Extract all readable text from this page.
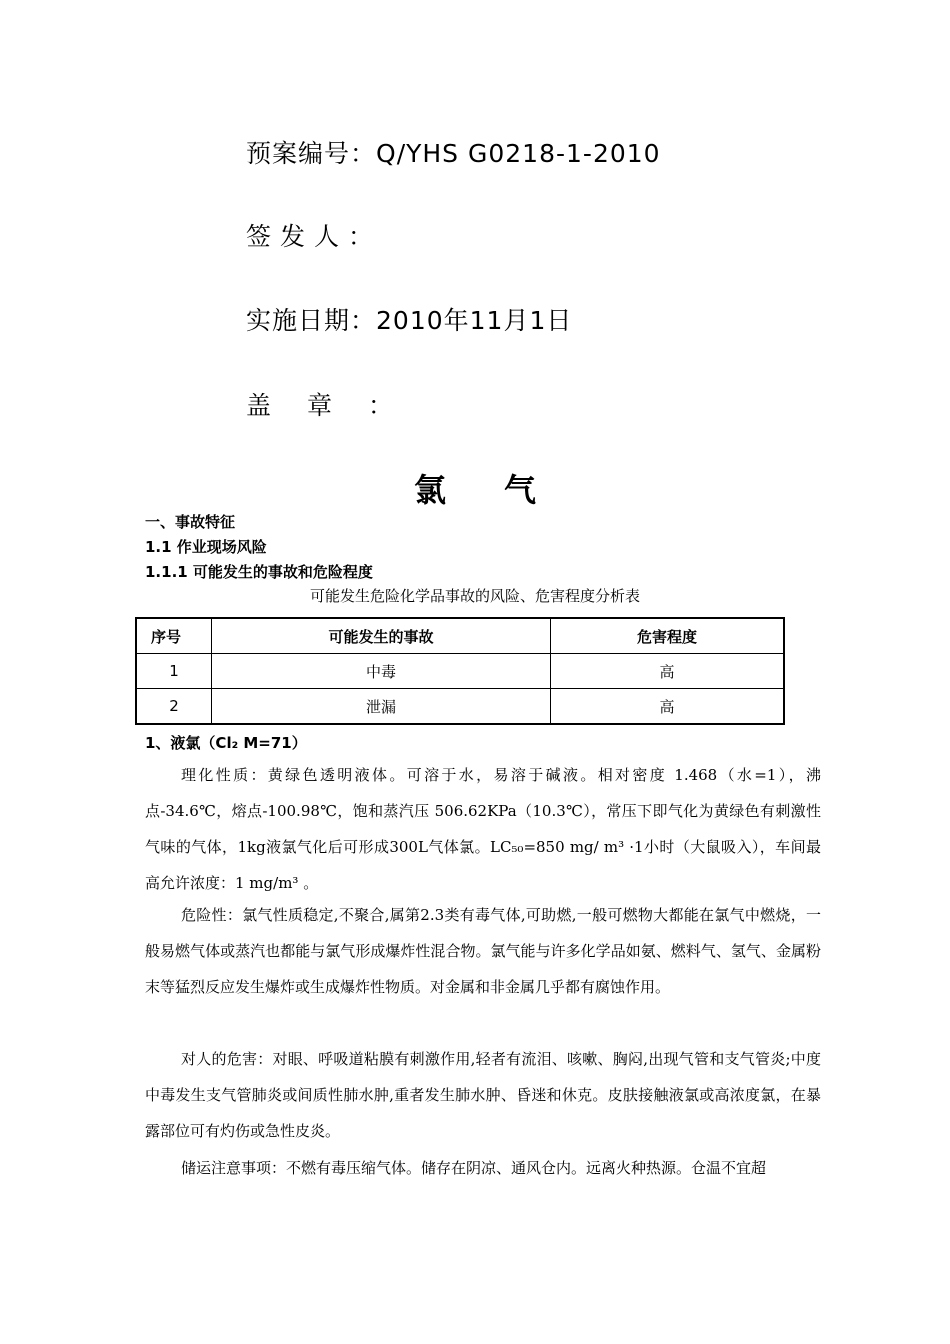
预案编号：Q/YHS G0218-1-2010
签发人：
实施日期：2010年11月1日
盖章：
氯气
一、事故特征
1.1 作业现场风险
1.1.1 可能发生的事故和危险程度
可能发生危险化学品事故的风险、危害程度分析表
序号	可能发生的事故	危害程度
1	中毒	高
2	泄漏	高
1、液氯（Cl₂ M=71）
理化性质：黄绿色透明液体。可溶于水，易溶于碱液。相对密度 1.468（水=1），沸点-34.6℃，熔点-100.98℃，饱和蒸汽压 506.62KPa（10.3℃），常压下即气化为黄绿色有刺激性气味的气体，1kg液氯气化后可形成300L气体氯。LC₅₀=850 mg/ m³ ·1小时（大鼠吸入），车间最高允许浓度：1 mg/m³ 。
危险性：氯气性质稳定,不聚合,属第2.3类有毒气体,可助燃,一般可燃物大都能在氯气中燃烧，一般易燃气体或蒸汽也都能与氯气形成爆炸性混合物。氯气能与许多化学品如氨、燃料气、氢气、金属粉末等猛烈反应发生爆炸或生成爆炸性物质。对金属和非金属几乎都有腐蚀作用。
对人的危害：对眼、呼吸道粘膜有刺激作用,轻者有流泪、咳嗽、胸闷,出现气管和支气管炎;中度中毒发生支气管肺炎或间质性肺水肿,重者发生肺水肿、昏迷和休克。皮肤接触液氯或高浓度氯，在暴露部位可有灼伤或急性皮炎。
储运注意事项：不燃有毒压缩气体。储存在阴凉、通风仓内。远离火种热源。仓温不宜超
